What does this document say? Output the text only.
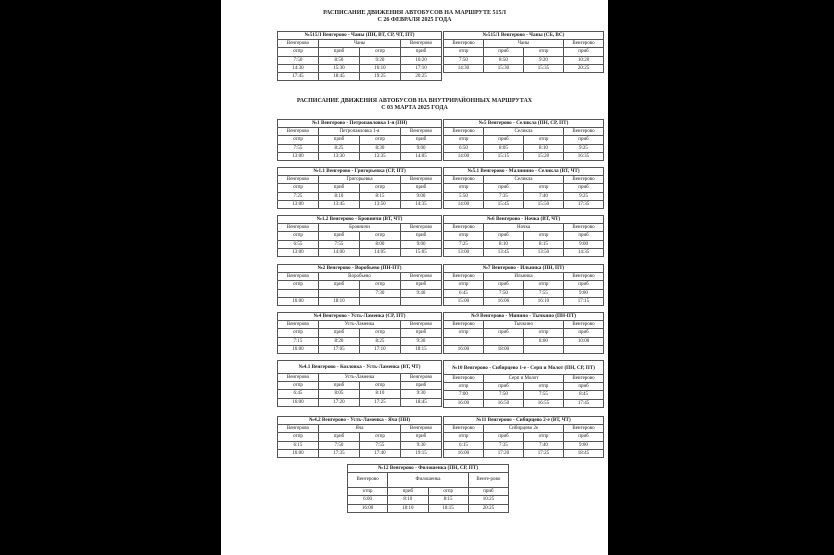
РАСПИСАНИЕ ДВИЖЕНИЯ АВТОБУСОВ НА МАРШРУТЕ 515Л
С 26 ФЕВРАЛЯ 2025 ГОДА
РАСПИСАНИЕ ДВИЖЕНИЯ АВТОБУСОВ НА ВНУТРИРАЙОННЫХ МАРШРУТАХ
С 03 МАРТА 2025 ГОДА
№515Л Венгерово - Чаны (ПН, ВТ, СР, ЧТ, ПТ)			
Венгерово	Чаны		Венгерово
отпр	приб	отпр	приб
7:50	8:50	9:20	10:20
14:30	15:30	16:10	17:10
17:45	18:45	19:25	20:25
№515Л Венгерово - Чаны (СБ, ВС)			
Венгерово	Чаны		Венгерово
отпр	приб	отпр	приб
7:50	8:50	9:20	10:20
14:30	15:30	15:35	20:25
№1 Венгерово - Петропавловка 1-я (ПН)			
Венгерово	Петропавловка 1-я		Венгерово
отпр	приб	отпр	приб
7:55	8:25	8:30	9:00
13:00	13:30	13:35	14:05
№5 Венгерово - Селикла (ПН, СР, ПТ)			
Венгерово	Селикла		Венгерово
отпр	приб	отпр	приб
6:50	8:05	8:10	9:25
14:00	15:15	15:20	16:35
№1.1 Венгерово - Григорьевка (СР, ПТ)			
Венгерово	Григорьевка		Венгерово
отпр	приб	отпр	приб
7:25	8:10	8:15	9:00
13:00	13:45	13:50	14:35
№5.1 Венгерово - Малинино - Селикла (ВТ, ЧТ)			
Венгерово	Селикла		Венгерово
отпр	приб	отпр	приб
5:50	7:35	7:40	9:25
14:00	15:45	15:50	17:35
№1.2 Венгерово - Бровничи (ВТ, ЧТ)			
Венгерово	Бровничи		Венгерово
отпр	приб	отпр	приб
6:55	7:55	8:00	9:00
13:00	14:00	14:05	15:05
№6 Венгерово - Ночка (ВТ, ЧТ)			
Венгерово	Ночка		Венгерово
отпр	приб	отпр	приб
7:25	8:10	8:15	9:00
13:00	13:45	13:50	14:35
№2 Венгерово - Воробьево (ПН-ПТ)			
Венгерово	Воробьево		Венгерово
отпр	приб	отпр	приб
		7:30	9:40
16:00	18:10		
№7 Венгерово - Ильинка (ПН, ПТ)			
Венгерово	Ильинка		Венгерово
отпр	приб	отпр	приб
6:45	7:50	7:55	9:00
15:00	16:06	16:10	17:15
№4 Венгерово - Усть-Ламенка (СР, ПТ)			
Венгерово	Усть-Ламенка		Венгерово
отпр	приб	отпр	приб
7:15	8:20	8:25	9:30
16:00	17:05	17:10	18:15
№9 Венгерово - Минино - Тычкино (ПН-ПТ)			
Венгерово	Тычкино		Венгерово
отпр	приб	отпр	приб
		8:00	10:00
16:00	18:00		
№4.1 Венгерово - Козловка - Усть-Ламенка (ВТ, ЧТ)			
Венгерово	Усть-Ламенка		Венгерово
отпр	приб	отпр	приб
6:45	8:05	8:10	9:30
16:00	17:20	17:25	18:45
№10 Венгерово - Сибирцево 1-е - Серп и Молот (ПН, СР, ПТ)			
Венгерово	Серп и Молот		Венгерово
отпр	приб	отпр	приб
7:00	7:50	7:55	8:45
16:00	16:50	16:55	17:45
№4.2 Венгерово - Усть-Ламенка - Яча (ПН)			
Венгерово	Яча		Венгерово
отпр	приб	отпр	приб
6:15	7:50	7:55	9:30
16:00	17:35	17:40	19:15
№11 Венгерово - Сибирцево 2-е (ВТ, ЧТ)			
Венгерово	Сибирцево 2е		Венгерово
отпр	приб	отпр	приб
6:15	7:35	7:40	9:00
16:00	17:20	17:25	18:45
№12 Венгерово - Филошенка (ПН, СР, ПТ)			
Венгерово	Филошенка		Венге-рово
отпр	приб	отпр	приб
6:00	8:10	8:15	10:25
16:00	18:10	18:15	20:25
